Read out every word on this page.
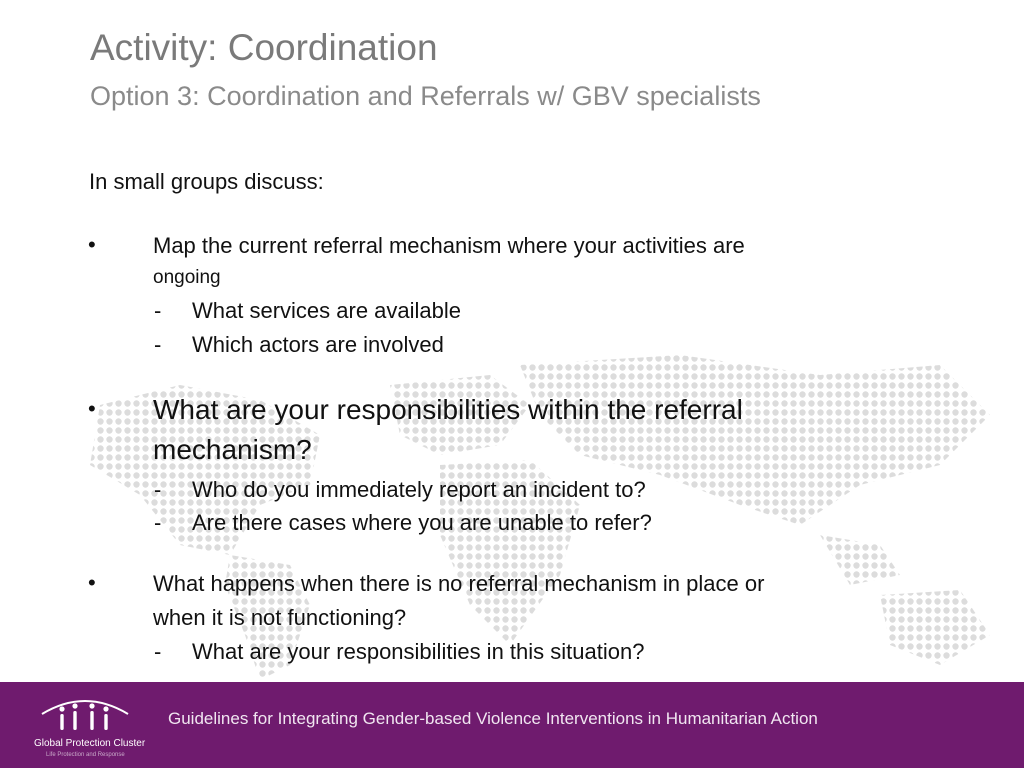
Activity: Coordination
Option 3: Coordination and Referrals w/ GBV specialists
In small groups discuss:
•	Map the current referral mechanism where your activities are
ongoing
- What services are available
- Which actors are involved
• What are your responsibilities within the referral
mechanism?
- Who do you immediately report an incident to?
- Are there cases where you are unable to refer?
•	What happens when there is no referral mechanism in place or
when it is not functioning?
- What are your responsibilities in this situation?
Global Protection Cluster
Life Protection and Response
Guidelines for Integrating Gender-based Violence Interventions in Humanitarian Action
